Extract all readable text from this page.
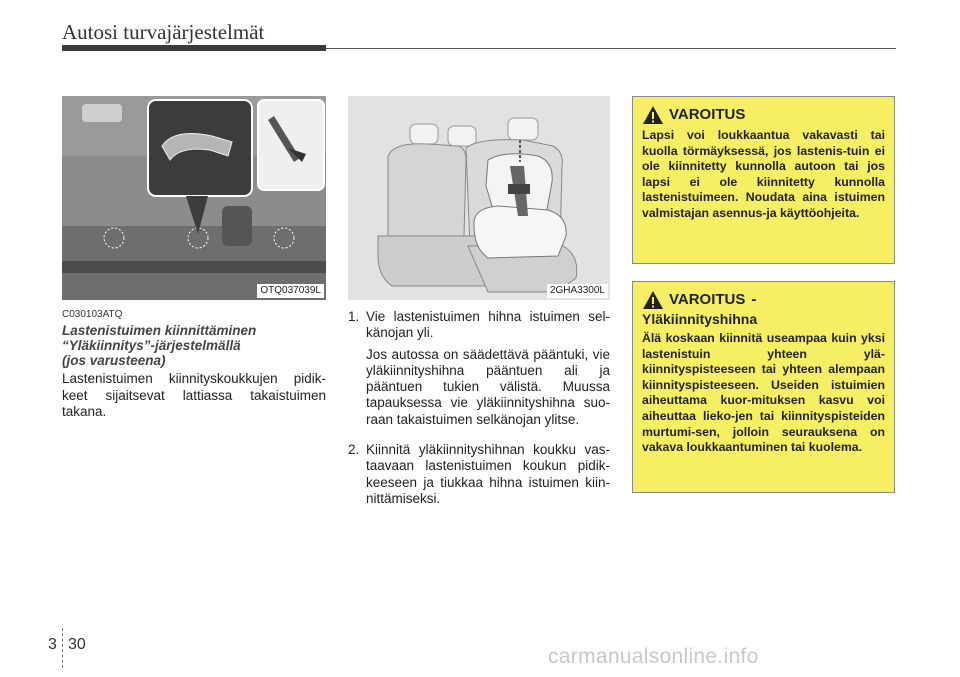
Autosi turvajärjestelmät
OTQ037039L	2GHA3300L
C030103ATQ
Lastenistuimen kiinnittäminen
“Yläkiinnitys”-järjestelmällä
(jos varusteena)
Lastenistuimen kiinnityskoukkujen pidik-keet sijaitsevat lattiassa takaistuimen takana.
1. Vie lastenistuimen hihna istuimen sel-känojan yli.

Jos autossa on säädettävä pääntuki, vie yläkiinnityshihna pääntuen ali ja pääntuen tukien välistä. Muussa tapauksessa vie yläkiinnityshihna suo-raan takaistuimen selkänojan ylitse.

2. Kiinnitä yläkiinnityshihnan koukku vas-taavaan lastenistuimen koukun pidik-keeseen ja tiukkaa hihna istuimen kiin-nittämiseksi.

VAROITUS
Lapsi voi loukkaantua vakavasti tai kuolla törmäyksessä, jos lastenis-tuin ei ole kiinnitetty kunnolla autoon tai jos lapsi ei ole kiinnitetty kunnolla lastenistuimeen. Noudata aina istuimen valmistajan asennus-ja käyttöohjeita.
VAROITUS -
Yläkiinnityshihna
Älä koskaan kiinnitä useampaa kuin yksi lastenistuin yhteen ylä-kiinnityspisteeseen tai yhteen alempaan kiinnityspisteeseen. Useiden istuimien aiheuttama kuor-mituksen kasvu voi aiheuttaa lieko-jen tai kiinnityspisteiden murtumi-sen, jolloin seurauksena on vakava loukkaantuminen tai kuolema.
3 30
carmanualsonline.info
